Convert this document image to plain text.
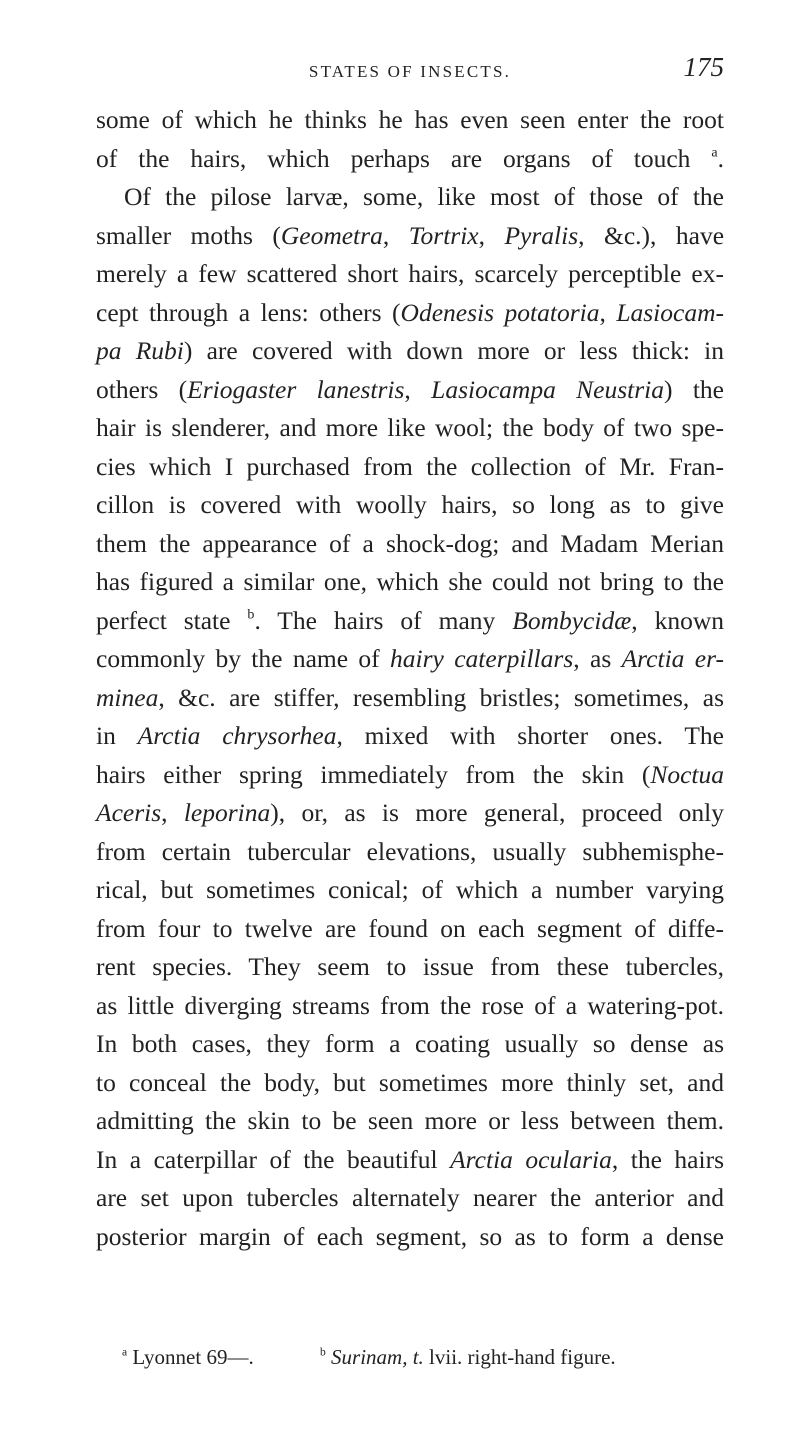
STATES OF INSECTS.	175
some of which he thinks he has even seen enter the root
of the hairs, which perhaps are organs of touch $^a$.
Of the pilose larvæ, some, like most of those of the
smaller moths (Geometra, Tortrix, Pyralis, &c.), have
merely a few scattered short hairs, scarcely perceptible ex-
cept through a lens: others (Odenesis potatoria, Lasiocam-
pa Rubi) are covered with down more or less thick: in
others (Eriogaster lanestris, Lasiocampa Neustria) the
hair is slenderer, and more like wool; the body of two spe-
cies which I purchased from the collection of Mr. Fran-
cillon is covered with woolly hairs, so long as to give
them the appearance of a shock-dog; and Madam Merian
has figured a similar one, which she could not bring to the
perfect state $^b$. The hairs of many Bombycidæ, known
commonly by the name of hairy caterpillars, as Arctia er-
minea, &c. are stiffer, resembling bristles; sometimes, as
in Arctia chrysorhea, mixed with shorter ones. The
hairs either spring immediately from the skin (Noctua
Aceris, leporina), or, as is more general, proceed only
from certain tubercular elevations, usually subhemisphe-
rical, but sometimes conical; of which a number varying
from four to twelve are found on each segment of diffe-
rent species. They seem to issue from these tubercles,
as little diverging streams from the rose of a watering-pot.
In both cases, they form a coating usually so dense as
to conceal the body, but sometimes more thinly set, and
admitting the skin to be seen more or less between them.
In a caterpillar of the beautiful Arctia ocularia, the hairs
are set upon tubercles alternately nearer the anterior and
posterior margin of each segment, so as to form a dense
$^a$ Lyonnet 69—.	$^b$ Surinam, t. lvii. right-hand figure.
